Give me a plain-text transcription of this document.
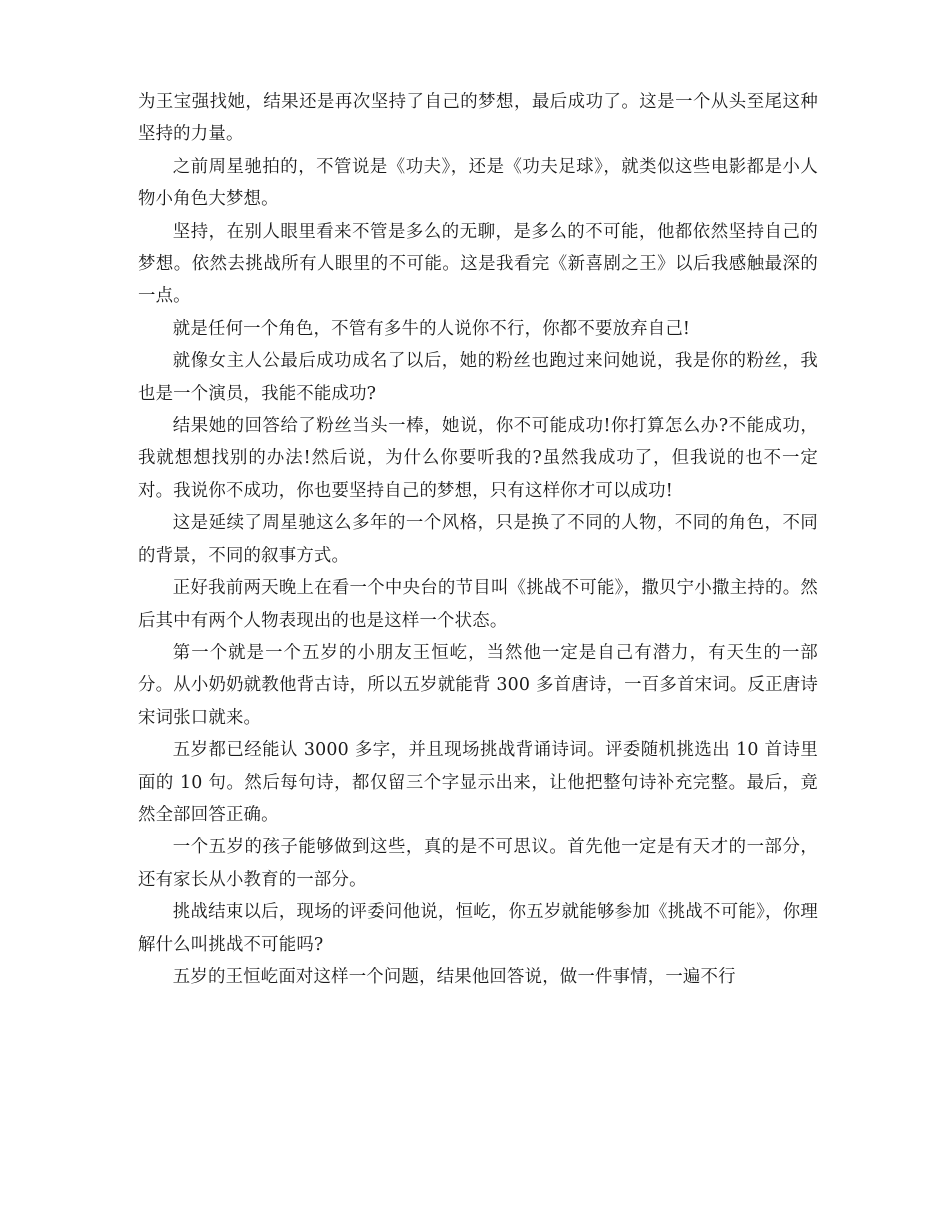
为王宝强找她，结果还是再次坚持了自己的梦想，最后成功了。这是一个从头至尾这种坚持的力量。

之前周星驰拍的，不管说是《功夫》，还是《功夫足球》，就类似这些电影都是小人物小角色大梦想。

坚持，在别人眼里看来不管是多么的无聊，是多么的不可能，他都依然坚持自己的梦想。依然去挑战所有人眼里的不可能。这是我看完《新喜剧之王》以后我感触最深的一点。

就是任何一个角色，不管有多牛的人说你不行，你都不要放弃自己!

就像女主人公最后成功成名了以后，她的粉丝也跑过来问她说，我是你的粉丝，我也是一个演员，我能不能成功?

结果她的回答给了粉丝当头一棒，她说，你不可能成功!你打算怎么办?不能成功，我就想想找别的办法!然后说，为什么你要听我的?虽然我成功了，但我说的也不一定对。我说你不成功，你也要坚持自己的梦想，只有这样你才可以成功!

这是延续了周星驰这么多年的一个风格，只是换了不同的人物，不同的角色，不同的背景，不同的叙事方式。

正好我前两天晚上在看一个中央台的节目叫《挑战不可能》，撒贝宁小撒主持的。然后其中有两个人物表现出的也是这样一个状态。

第一个就是一个五岁的小朋友王恒屹，当然他一定是自己有潜力，有天生的一部分。从小奶奶就教他背古诗，所以五岁就能背 300 多首唐诗，一百多首宋词。反正唐诗宋词张口就来。

五岁都已经能认 3000 多字，并且现场挑战背诵诗词。评委随机挑选出 10 首诗里面的 10 句。然后每句诗，都仅留三个字显示出来，让他把整句诗补充完整。最后，竟然全部回答正确。

一个五岁的孩子能够做到这些，真的是不可思议。首先他一定是有天才的一部分，还有家长从小教育的一部分。

挑战结束以后，现场的评委问他说，恒屹，你五岁就能够参加《挑战不可能》，你理解什么叫挑战不可能吗?

五岁的王恒屹面对这样一个问题，结果他回答说，做一件事情，一遍不行
